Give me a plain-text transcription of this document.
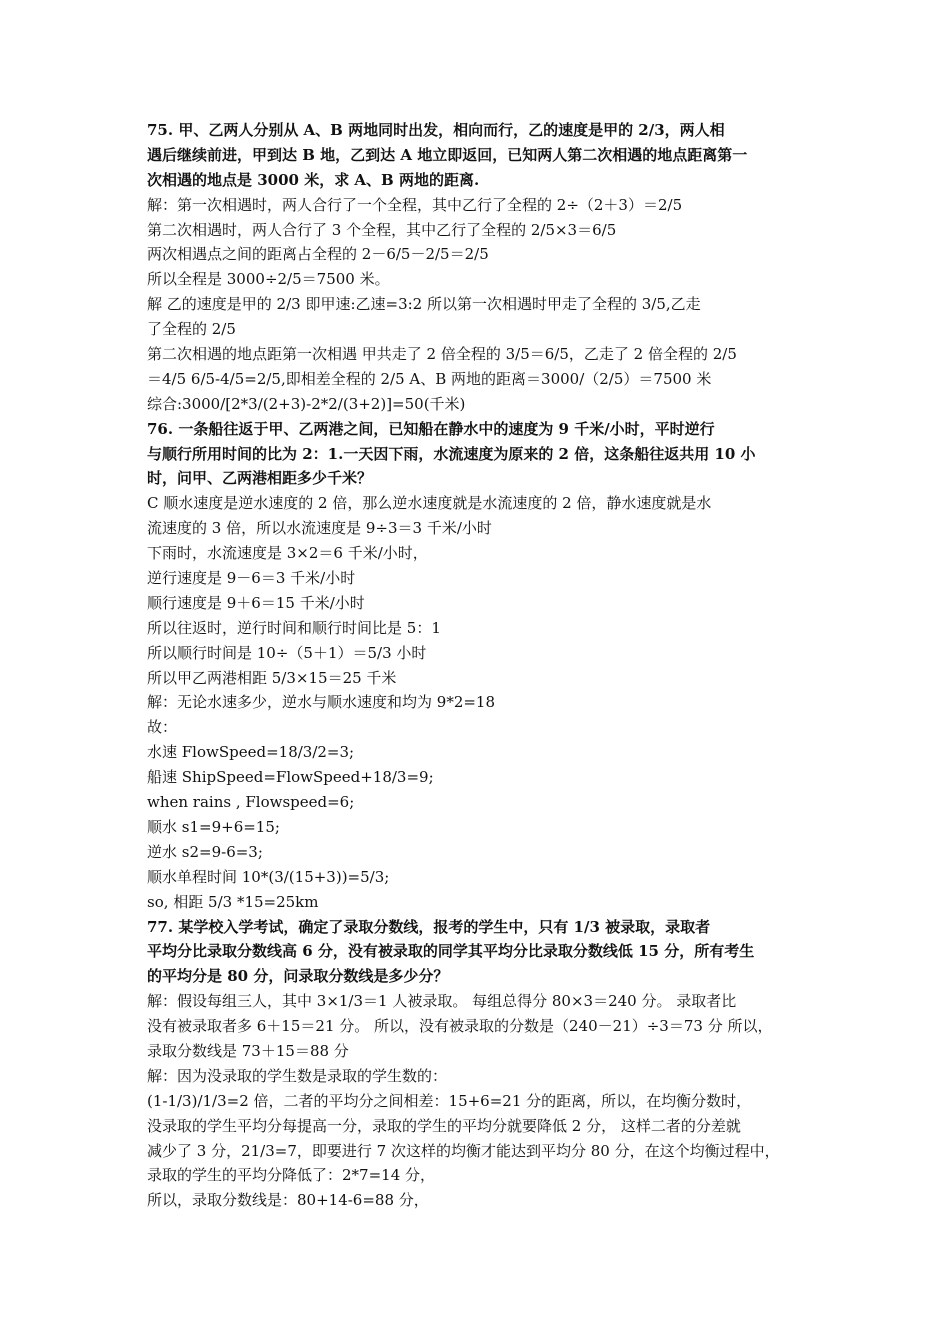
75. 甲、乙两人分别从 A、B 两地同时出发，相向而行，乙的速度是甲的 2/3，两人相
遇后继续前进，甲到达 B 地，乙到达 A 地立即返回，已知两人第二次相遇的地点距离第一
次相遇的地点是 3000 米，求 A、B 两地的距离.
解：第一次相遇时，两人合行了一个全程，其中乙行了全程的 2÷（2＋3）＝2/5
第二次相遇时，两人合行了 3 个全程，其中乙行了全程的 2/5×3＝6/5
两次相遇点之间的距离占全程的 2－6/5－2/5＝2/5
所以全程是 3000÷2/5＝7500 米。
解 乙的速度是甲的 2/3 即甲速:乙速=3:2 所以第一次相遇时甲走了全程的 3/5,乙走
了全程的 2/5
第二次相遇的地点距第一次相遇 甲共走了 2 倍全程的 3/5＝6/5，乙走了 2 倍全程的 2/5
＝4/5 6/5-4/5=2/5,即相差全程的 2/5 A、B 两地的距离＝3000/（2/5）＝7500 米
综合:3000/[2*3/(2+3)-2*2/(3+2)]=50(千米)
76. 一条船往返于甲、乙两港之间，已知船在静水中的速度为 9 千米/小时，平时逆行
与顺行所用时间的比为 2：1.一天因下雨，水流速度为原来的 2 倍，这条船往返共用 10 小
时，问甲、乙两港相距多少千米？
C 顺水速度是逆水速度的 2 倍，那么逆水速度就是水流速度的 2 倍，静水速度就是水
流速度的 3 倍，所以水流速度是 9÷3＝3 千米/小时
下雨时，水流速度是 3×2＝6 千米/小时，
逆行速度是 9－6＝3 千米/小时
顺行速度是 9＋6＝15 千米/小时
所以往返时，逆行时间和顺行时间比是 5：1
所以顺行时间是 10÷（5＋1）＝5/3 小时
所以甲乙两港相距 5/3×15＝25 千米
解：无论水速多少，逆水与顺水速度和均为 9*2=18
故：
水速 FlowSpeed=18/3/2=3;
船速 ShipSpeed=FlowSpeed+18/3=9;
when rains , Flowspeed=6;
顺水 s1=9+6=15;
逆水 s2=9-6=3;
顺水单程时间 10*(3/(15+3))=5/3;
so, 相距 5/3 *15=25km
77. 某学校入学考试，确定了录取分数线，报考的学生中，只有 1/3 被录取，录取者
平均分比录取分数线高 6 分，没有被录取的同学其平均分比录取分数线低 15 分，所有考生
的平均分是 80 分，问录取分数线是多少分？
解：假设每组三人，其中 3×1/3＝1 人被录取。 每组总得分 80×3＝240 分。 录取者比
没有被录取者多 6＋15＝21 分。 所以，没有被录取的分数是（240－21）÷3＝73 分 所以，
录取分数线是 73＋15＝88 分
解：因为没录取的学生数是录取的学生数的：
(1-1/3)/1/3=2 倍，二者的平均分之间相差：15+6=21 分的距离，所以，在均衡分数时，
没录取的学生平均分每提高一分，录取的学生的平均分就要降低 2 分， 这样二者的分差就
减少了 3 分，21/3=7，即要进行 7 次这样的均衡才能达到平均分 80 分，在这个均衡过程中，
录取的学生的平均分降低了：2*7=14 分，
所以，录取分数线是：80+14-6=88 分，
